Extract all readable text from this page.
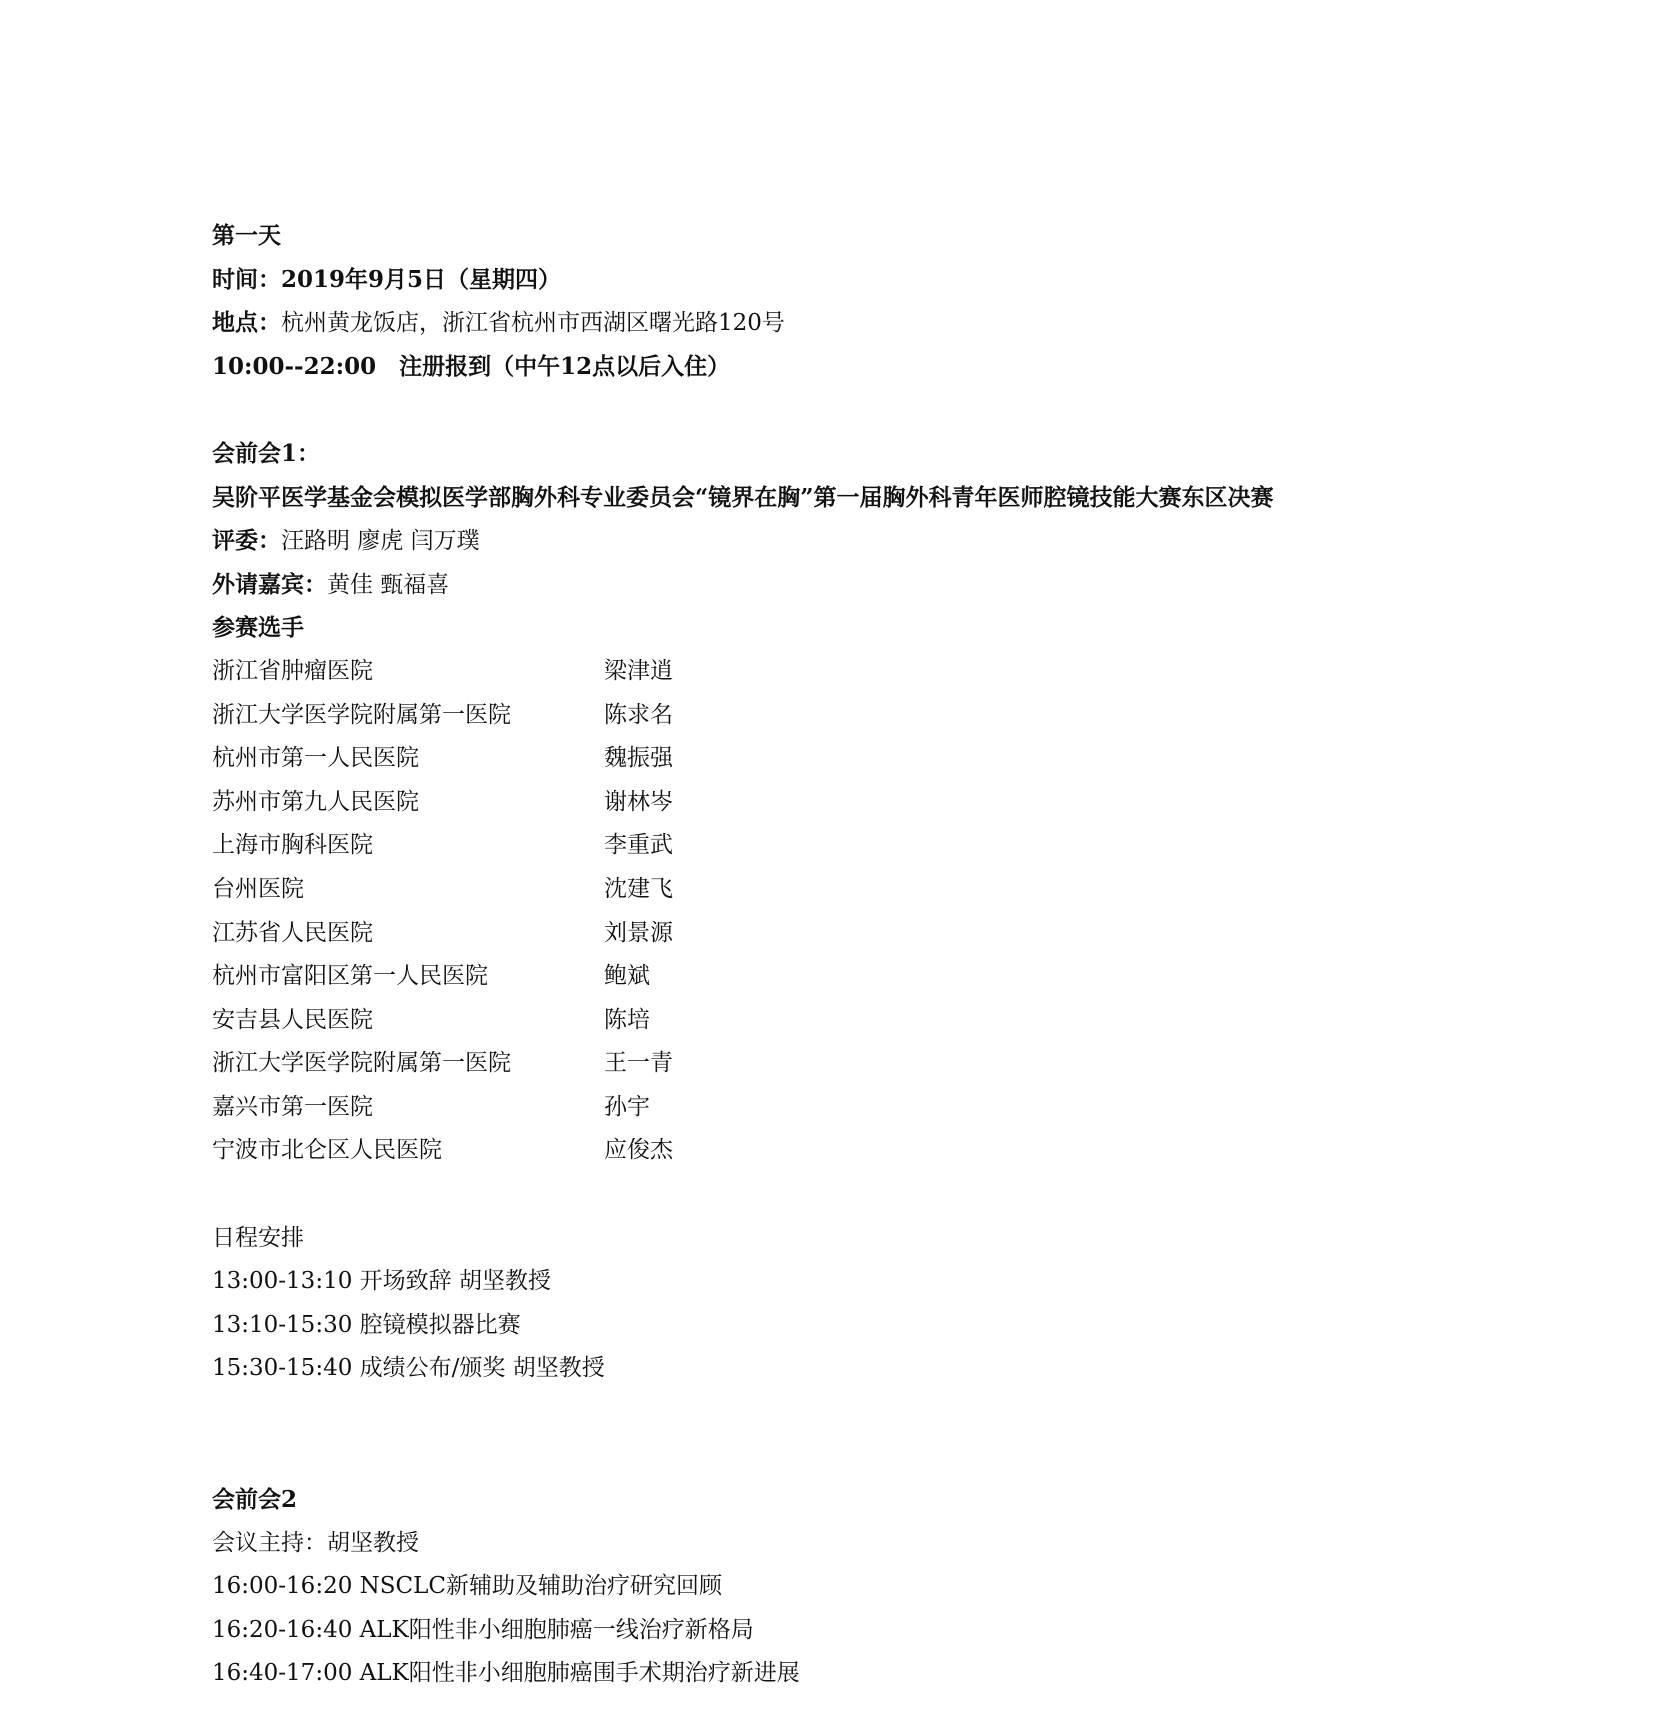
第一天
时间：2019年9月5日（星期四）
地点：杭州黄龙饭店，浙江省杭州市西湖区曙光路120号
10:00--22:00　注册报到（中午12点以后入住）
会前会1：
吴阶平医学基金会模拟医学部胸外科专业委员会“镜界在胸”第一届胸外科青年医师腔镜技能大赛东区决赛
评委：汪路明 廖虎 闫万璞
外请嘉宾：黄佳 甄福喜
参赛选手
浙江省肿瘤医院	梁津逍
浙江大学医学院附属第一医院	陈求名
杭州市第一人民医院	魏振强
苏州市第九人民医院	谢林岑
上海市胸科医院	李重武
台州医院	沈建飞
江苏省人民医院	刘景源
杭州市富阳区第一人民医院	鲍斌
安吉县人民医院	陈培
浙江大学医学院附属第一医院	王一青
嘉兴市第一医院	孙宇
宁波市北仑区人民医院	应俊杰
日程安排
13:00-13:10 开场致辞 胡坚教授
13:10-15:30 腔镜模拟器比赛
15:30-15:40 成绩公布/颁奖 胡坚教授
会前会2
会议主持：胡坚教授
16:00-16:20 NSCLC新辅助及辅助治疗研究回顾
16:20-16:40 ALK阳性非小细胞肺癌一线治疗新格局
16:40-17:00 ALK阳性非小细胞肺癌围手术期治疗新进展
